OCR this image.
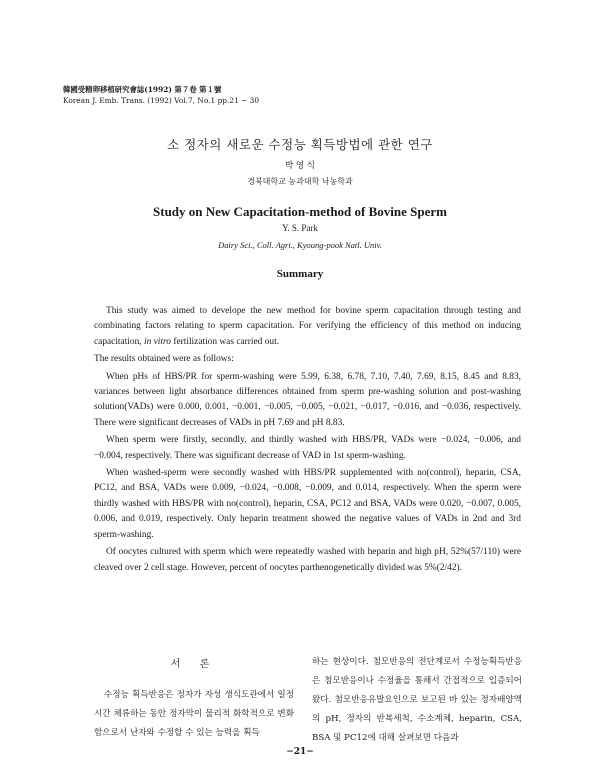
韓國受精卵移植研究會誌(1992) 第７卷 第１號
Korean J. Emb. Trans. (1992) Vol.7, No.1 pp.21 ~ 30
소 정자의 새로운 수정능 획득방법에 관한 연구
박 영 식
경북대학교 농과대학 낙농학과
Study on New Capacitation-method of Bovine Sperm
Y. S. Park
Dairy Sci., Coll. Agri., Kyoung-pook Natl. Univ.
Summary

This study was aimed to develope the new method for bovine sperm capacitation through testing and combinating factors relating to sperm capacitation. For verifying the efficiency of this method on inducing capacitation, in vitro fertilization was carried out.

The results obtained were as follows:

When pHs of HBS/PR for sperm-washing were 5.99, 6.38, 6.78, 7.10, 7.40, 7.69, 8.15, 8.45 and 8.83, variances between light absorbance differences obtained from sperm pre-washing solution and post-washing solution(VADs) were 0.000, 0.001, −0.001, −0.005, −0.005, −0.021, −0.017, −0.016, and −0.036, respectively. There were significant decreases of VADs in pH 7.69 and pH 8.83.

When sperm were firstly, secondly, and thirdly washed with HBS/PR, VADs were −0.024, −0.006, and −0.004, respectively. There was significant decrease of VAD in 1st sperm-washing.

When washed-sperm were secondly washed with HBS/PR supplemented with no(control), heparin, CSA, PC12, and BSA, VADs were 0.009, −0.024, −0.008, −0.009, and 0.014, respectively. When the sperm were thirdly washed with HBS/PR with no(control), heparin, CSA, PC12 and BSA, VADs were 0.020, −0.007, 0.005, 0.006, and 0.019, respectively. Only heparin treatment showed the negative values of VADs in 2nd and 3rd sperm-washing.

Of oocytes cultured with sperm which were repeatedly washed with heparin and high pH, 52%(57/110) were cleaved over 2 cell stage. However, percent of oocytes parthenogenetically divided was 5%(2/42).

서 론

수정능 획득반응은 정자가 자성 생식도관에서 일정시간 체류하는 동안 정자막이 물리적 화학적으로 변화함으로서 난자와 수정할 수 있는 능력을 획득

하는 현상이다. 첨모반응의 전단계로서 수정능획득반응은 첨모반응이나 수정율을 통해서 간접적으로 입증되어 왔다. 첨모반응유발요인으로 보고된 바 있는 정자배양액의 pH, 정자의 반복세척, 수소계체, heparin, CSA, BSA 및 PC12에 대해 살펴보면 다음과

−21−
